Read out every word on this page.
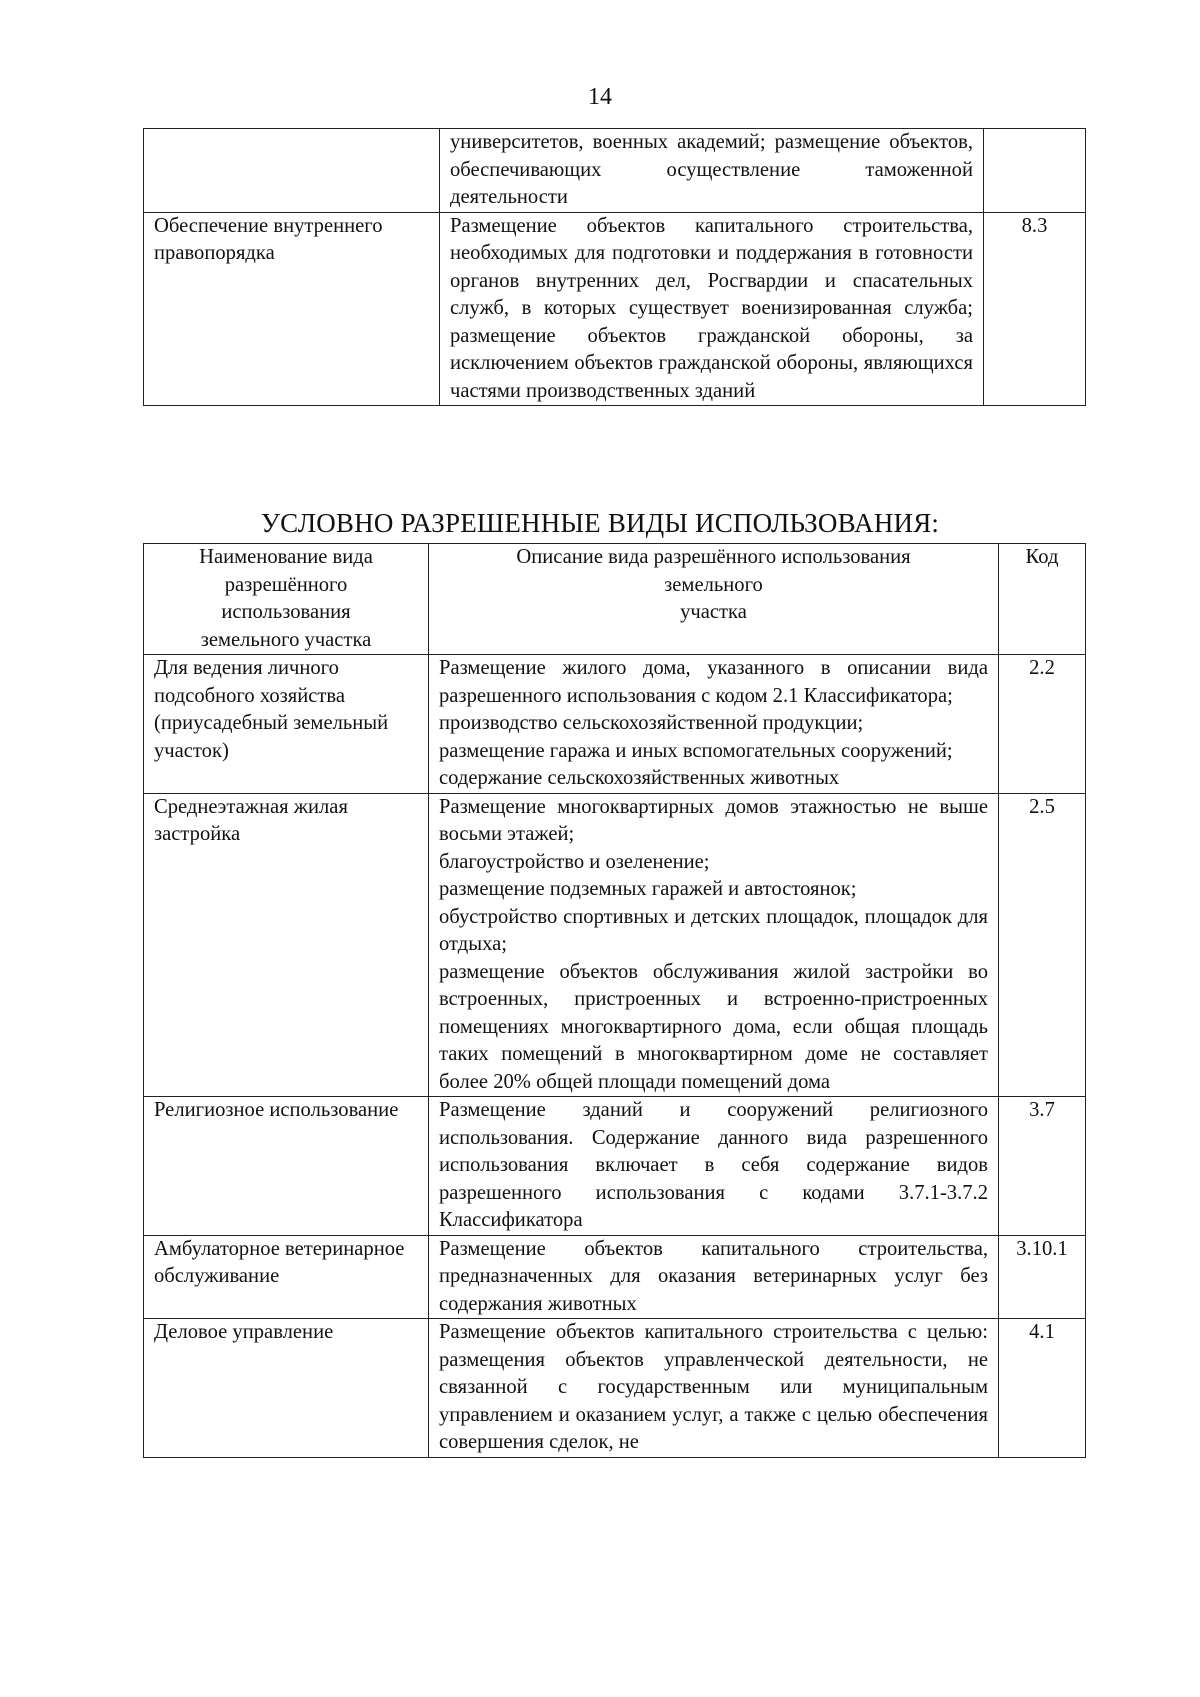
14
	университетов, военных академий; размещение объектов, обеспечивающих осуществление таможенной деятельности	
Обеспечение внутреннего правопорядка	Размещение объектов капитального строительства, необходимых для подготовки и поддержания в готовности органов внутренних дел, Росгвардии и спасательных служб, в которых существует военизированная служба; размещение объектов гражданской обороны, за исключением объектов гражданской обороны, являющихся частями производственных зданий	8.3
УСЛОВНО РАЗРЕШЕННЫЕ ВИДЫ ИСПОЛЬЗОВАНИЯ:
Наименование вида
разрешённого
использования
земельного участка	Описание вида разрешённого использования
земельного
участка	Код
Для ведения личного подсобного хозяйства (приусадебный земельный участок)	Размещение жилого дома, указанного в описании вида разрешенного использования с кодом 2.1 Классификатора;
производство сельскохозяйственной продукции;
размещение гаража и иных вспомогательных сооружений;
содержание сельскохозяйственных животных	2.2
Среднеэтажная жилая застройка	Размещение многоквартирных домов этажностью не выше восьми этажей;
благоустройство и озеленение;
размещение подземных гаражей и автостоянок;
обустройство спортивных и детских площадок, площадок для отдыха;
размещение объектов обслуживания жилой застройки во встроенных, пристроенных и встроенно-пристроенных помещениях многоквартирного дома, если общая площадь таких помещений в многоквартирном доме не составляет более 20% общей площади помещений дома	2.5
Религиозное использование	Размещение зданий и сооружений религиозного использования. Содержание данного вида разрешенного использования включает в себя содержание видов разрешенного использования с кодами 3.7.1-3.7.2 Классификатора	3.7
Амбулаторное ветеринарное обслуживание	Размещение объектов капитального строительства, предназначенных для оказания ветеринарных услуг без содержания животных	3.10.1
Деловое управление	Размещение объектов капитального строительства с целью: размещения объектов управленческой деятельности, не связанной с государственным или муниципальным управлением и оказанием услуг, а также с целью обеспечения совершения сделок, не	4.1
